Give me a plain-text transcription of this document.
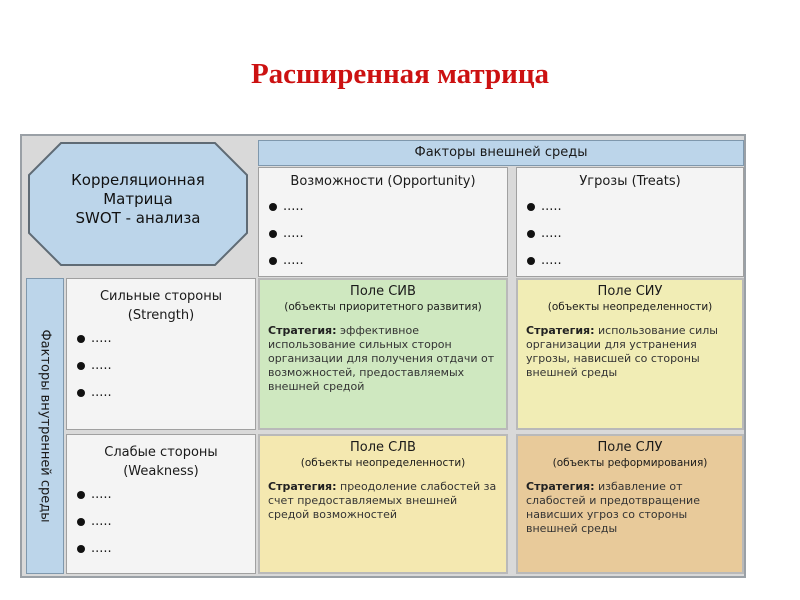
Расширенная матрица
Корреляционная
Матрица
SWOT - анализа
Факторы внешней среды
Возможности (Opportunity)
.....
.....
.....
Угрозы (Treats)
.....
.....
.....
Факторы внутренней среды
Сильные стороны
(Strength)
.....
.....
.....
Слабые стороны
(Weakness)
.....
.....
.....
Поле СИВ
(объекты приоритетного развития)
Стратегия: эффективное использование сильных сторон организации для получения отдачи от возможностей, предоставляемых внешней средой
Поле СИУ
(объекты неопределенности)
Стратегия: использование силы организации для устранения угрозы, нависшей со стороны внешней среды
Поле СЛВ
(объекты неопределенности)
Стратегия: преодоление слабостей за счет предоставляемых внешней средой возможностей
Поле СЛУ
(объекты реформирования)
Стратегия: избавление от слабостей и предотвращение нависших угроз со стороны внешней среды
